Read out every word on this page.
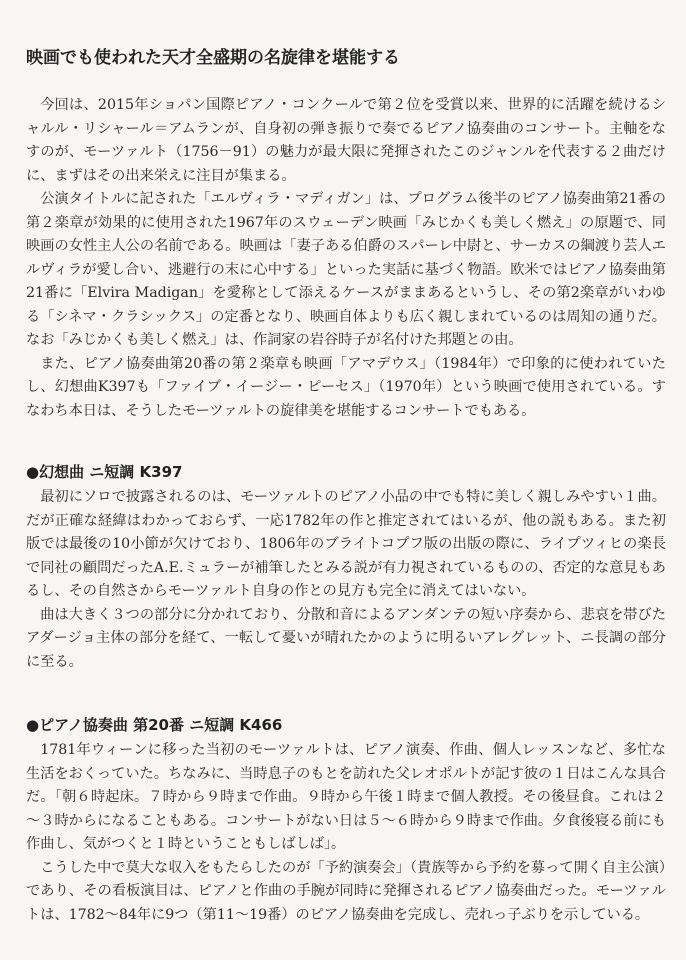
映画でも使われた天才全盛期の名旋律を堪能する

今回は、2015年ショパン国際ピアノ・コンクールで第２位を受賞以来、世界的に活躍を続けるシャルル・リシャール＝アムランが、自身初の弾き振りで奏でるピアノ協奏曲のコンサート。主軸をなすのが、モーツァルト（1756－91）の魅力が最大限に発揮されたこのジャンルを代表する２曲だけに、まずはその出来栄えに注目が集まる。

公演タイトルに記された「エルヴィラ・マディガン」は、プログラム後半のピアノ協奏曲第21番の第２楽章が効果的に使用された1967年のスウェーデン映画「みじかくも美しく燃え」の原題で、同映画の女性主人公の名前である。映画は「妻子ある伯爵のスパーレ中尉と、サーカスの綱渡り芸人エルヴィラが愛し合い、逃避行の末に心中する」といった実話に基づく物語。欧米ではピアノ協奏曲第21番に「Elvira Madigan」を愛称として添えるケースがままあるというし、その第2楽章がいわゆる「シネマ・クラシックス」の定番となり、映画自体よりも広く親しまれているのは周知の通りだ。なお「みじかくも美しく燃え」は、作詞家の岩谷時子が名付けた邦題との由。

また、ピアノ協奏曲第20番の第２楽章も映画「アマデウス」（1984年）で印象的に使われていたし、幻想曲K397も「ファイブ・イージー・ピーセス」（1970年）という映画で使用されている。すなわち本日は、そうしたモーツァルトの旋律美を堪能するコンサートでもある。

●幻想曲 ニ短調 K397

最初にソロで披露されるのは、モーツァルトのピアノ小品の中でも特に美しく親しみやすい１曲。だが正確な経緯はわかっておらず、一応1782年の作と推定されてはいるが、他の説もある。また初版では最後の10小節が欠けており、1806年のブライトコプフ版の出版の際に、ライプツィヒの楽長で同社の顧問だったA.E.ミュラーが補筆したとみる説が有力視されているものの、否定的な意見もあるし、その自然さからモーツァルト自身の作との見方も完全に消えてはいない。

曲は大きく３つの部分に分かれており、分散和音によるアンダンテの短い序奏から、悲哀を帯びたアダージョ主体の部分を経て、一転して憂いが晴れたかのように明るいアレグレット、ニ長調の部分に至る。

●ピアノ協奏曲 第20番 ニ短調 K466

1781年ウィーンに移った当初のモーツァルトは、ピアノ演奏、作曲、個人レッスンなど、多忙な生活をおくっていた。ちなみに、当時息子のもとを訪れた父レオポルトが記す彼の１日はこんな具合だ。「朝６時起床。７時から９時まで作曲。９時から午後１時まで個人教授。その後昼食。これは２～３時からになることもある。コンサートがない日は５～６時から９時まで作曲。夕食後寝る前にも作曲し、気がつくと１時ということもしばしば」。

こうした中で莫大な収入をもたらしたのが「予約演奏会」（貴族等から予約を募って開く自主公演）であり、その看板演目は、ピアノと作曲の手腕が同時に発揮されるピアノ協奏曲だった。モーツァルトは、1782～84年に9つ（第11～19番）のピアノ協奏曲を完成し、売れっ子ぶりを示している。
